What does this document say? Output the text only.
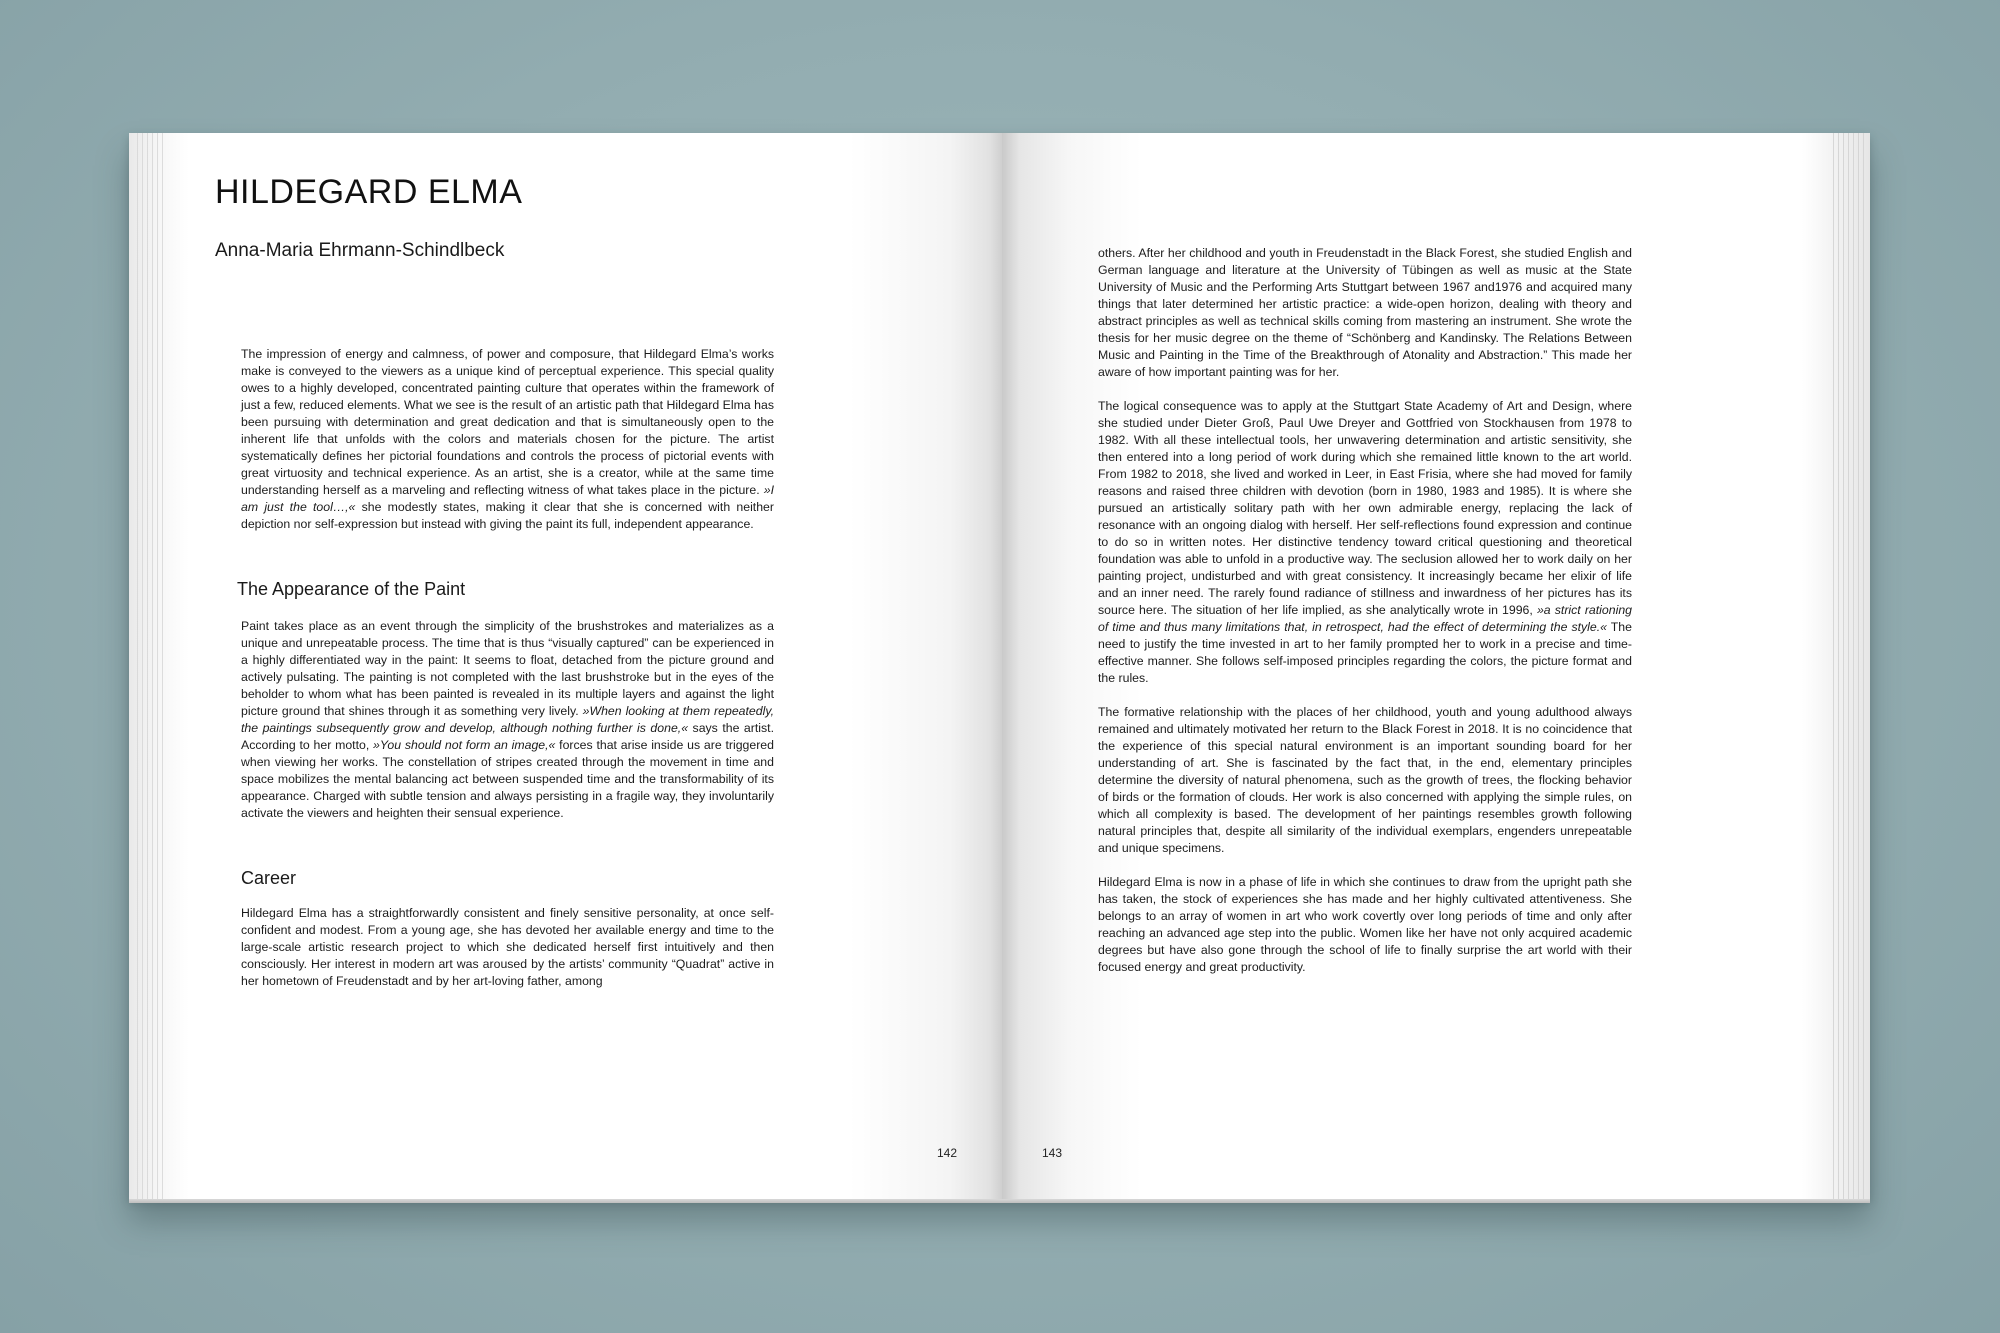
HILDEGARD ELMA
Anna-Maria Ehrmann-Schindlbeck

The impression of energy and calmness, of power and composure, that Hildegard Elma’s works make is conveyed to the viewers as a unique kind of perceptual experience. This special quality owes to a highly developed, concentrated painting culture that operates within the framework of just a few, reduced elements. What we see is the result of an artistic path that Hildegard Elma has been pursuing with determination and great dedication and that is simultaneously open to the inherent life that unfolds with the colors and materials chosen for the picture. The artist systematically defines her pictorial foundations and controls the process of pictorial events with great virtuosity and technical experience. As an artist, she is a creator, while at the same time understanding herself as a marveling and reflecting witness of what takes place in the picture. »I am just the tool…,« she modestly states, making it clear that she is concerned with neither depiction nor self-expression but instead with giving the paint its full, independent appearance.

The Appearance of the Paint

Paint takes place as an event through the simplicity of the brushstrokes and materializes as a unique and unrepeatable process. The time that is thus “visually captured” can be experienced in a highly differentiated way in the paint: It seems to float, detached from the picture ground and actively pulsating. The painting is not completed with the last brushstroke but in the eyes of the beholder to whom what has been painted is revealed in its multiple layers and against the light picture ground that shines through it as something very lively. »When looking at them repeatedly, the paintings subsequently grow and develop, although nothing further is done,« says the artist. According to her motto, »You should not form an image,« forces that arise inside us are triggered when viewing her works. The constellation of stripes created through the movement in time and space mobilizes the mental balancing act between suspended time and the transformability of its appearance. Charged with subtle tension and always persisting in a fragile way, they involuntarily activate the viewers and heighten their sensual experience.

Career

Hildegard Elma has a straightforwardly consistent and finely sensitive personality, at once self-confident and modest. From a young age, she has devoted her available energy and time to the large-scale artistic research project to which she dedicated herself first intuitively and then consciously. Her interest in modern art was aroused by the artists’ community “Quadrat” active in her hometown of Freudenstadt and by her art-loving father, among

142

others. After her childhood and youth in Freudenstadt in the Black Forest, she studied English and German language and literature at the University of Tübingen as well as music at the State University of Music and the Performing Arts Stuttgart between 1967 and1976 and acquired many things that later determined her artistic practice: a wide-open horizon, dealing with theory and abstract principles as well as technical skills coming from mastering an instrument. She wrote the thesis for her music degree on the theme of “Schönberg and Kandinsky. The Relations Between Music and Painting in the Time of the Breakthrough of Atonality and Abstraction.” This made her aware of how important painting was for her.

The logical consequence was to apply at the Stuttgart State Academy of Art and Design, where she studied under Dieter Groß, Paul Uwe Dreyer and Gottfried von Stockhausen from 1978 to 1982. With all these intellectual tools, her unwavering determination and artistic sensitivity, she then entered into a long period of work during which she remained little known to the art world. From 1982 to 2018, she lived and worked in Leer, in East Frisia, where she had moved for family reasons and raised three children with devotion (born in 1980, 1983 and 1985). It is where she pursued an artistically solitary path with her own admirable energy, replacing the lack of resonance with an ongoing dialog with herself. Her self-reflections found expression and continue to do so in written notes. Her distinctive tendency toward critical questioning and theoretical foundation was able to unfold in a productive way. The seclusion allowed her to work daily on her painting project, undisturbed and with great consistency. It increasingly became her elixir of life and an inner need. The rarely found radiance of stillness and inwardness of her pictures has its source here. The situation of her life implied, as she analytically wrote in 1996, »a strict rationing of time and thus many limitations that, in retrospect, had the effect of determining the style.« The need to justify the time invested in art to her family prompted her to work in a precise and time-effective manner. She follows self-imposed principles regarding the colors, the picture format and the rules.

The formative relationship with the places of her childhood, youth and young adulthood always remained and ultimately motivated her return to the Black Forest in 2018. It is no coincidence that the experience of this special natural environment is an important sounding board for her understanding of art. She is fascinated by the fact that, in the end, elementary principles determine the diversity of natural phenomena, such as the growth of trees, the flocking behavior of birds or the formation of clouds. Her work is also concerned with applying the simple rules, on which all complexity is based. The development of her paintings resembles growth following natural principles that, despite all similarity of the individual exemplars, engenders unrepeatable and unique specimens.

Hildegard Elma is now in a phase of life in which she continues to draw from the upright path she has taken, the stock of experiences she has made and her highly cultivated attentiveness. She belongs to an array of women in art who work covertly over long periods of time and only after reaching an advanced age step into the public. Women like her have not only acquired academic degrees but have also gone through the school of life to finally surprise the art world with their focused energy and great productivity.

143
